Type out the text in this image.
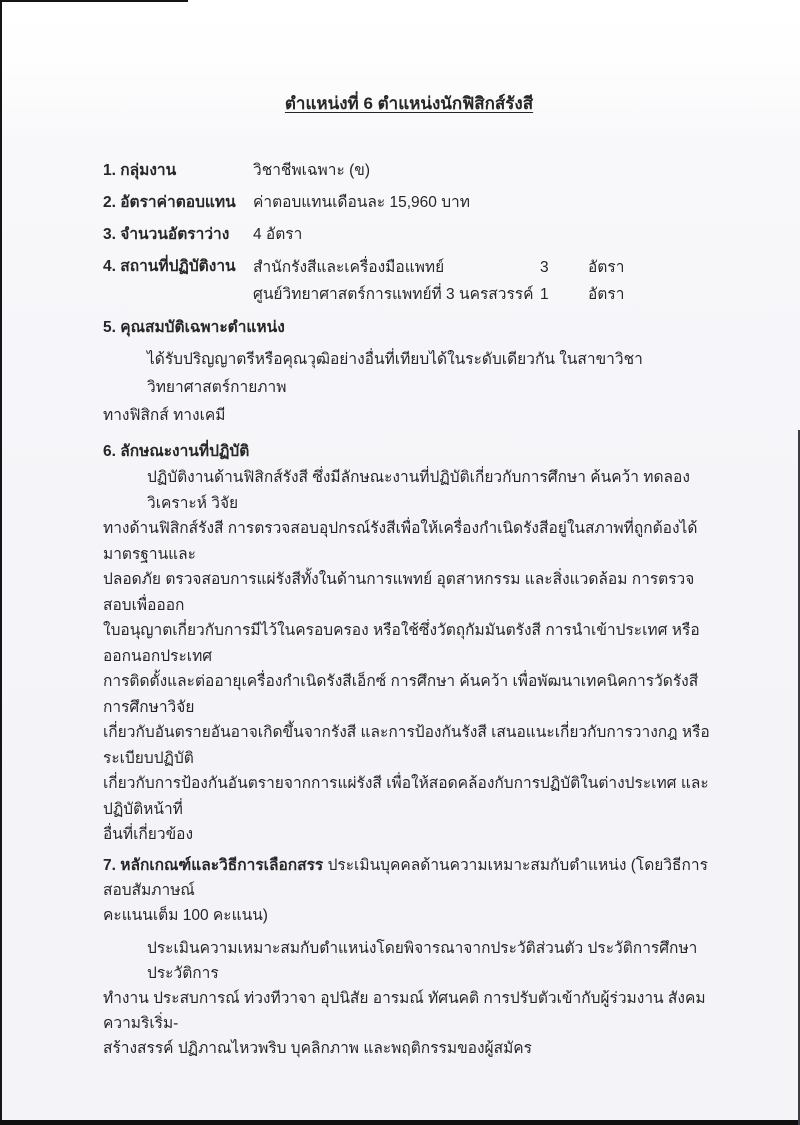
ตำแหน่งที่ 6 ตำแหน่งนักฟิสิกส์รังสี
1. กลุ่มงาน	วิชาชีพเฉพาะ (ข)
2. อัตราค่าตอบแทน	ค่าตอบแทนเดือนละ 15,960 บาท
3. จำนวนอัตราว่าง	4 อัตรา
4. สถานที่ปฏิบัติงาน	สำนักรังสีและเครื่องมือแพทย์	3	อัตรา
ศูนย์วิทยาศาสตร์การแพทย์ที่ 3 นครสวรรค์ 1	อัตรา
5. คุณสมบัติเฉพาะตำแหน่ง

ได้รับปริญญาตรีหรือคุณวุฒิอย่างอื่นที่เทียบได้ในระดับเดียวกัน ในสาขาวิชาวิทยาศาสตร์กายภาพ
ทางฟิสิกส์ ทางเคมี

6. ลักษณะงานที่ปฏิบัติ

ปฏิบัติงานด้านฟิสิกส์รังสี ซึ่งมีลักษณะงานที่ปฏิบัติเกี่ยวกับการศึกษา ค้นคว้า ทดลองวิเคราะห์ วิจัย
ทางด้านฟิสิกส์รังสี การตรวจสอบอุปกรณ์รังสีเพื่อให้เครื่องกำเนิดรังสีอยู่ในสภาพที่ถูกต้องได้มาตรฐานและ
ปลอดภัย ตรวจสอบการแผ่รังสีทั้งในด้านการแพทย์ อุตสาหกรรม และสิ่งแวดล้อม การตรวจสอบเพื่อออก
ใบอนุญาตเกี่ยวกับการมีไว้ในครอบครอง หรือใช้ซึ่งวัตถุกัมมันตรังสี การนำเข้าประเทศ หรือออกนอกประเทศ
การติดตั้งและต่ออายุเครื่องกำเนิดรังสีเอ็กซ์ การศึกษา ค้นคว้า เพื่อพัฒนาเทคนิคการวัดรังสี การศึกษาวิจัย
เกี่ยวกับอันตรายอันอาจเกิดขึ้นจากรังสี และการป้องกันรังสี เสนอแนะเกี่ยวกับการวางกฎ หรือระเบียบปฏิบัติ
เกี่ยวกับการป้องกันอันตรายจากการแผ่รังสี เพื่อให้สอดคล้องกับการปฏิบัติในต่างประเทศ และปฏิบัติหน้าที่
อื่นที่เกี่ยวข้อง

7. หลักเกณฑ์และวิธีการเลือกสรร ประเมินบุคคลด้านความเหมาะสมกับตำแหน่ง (โดยวิธีการสอบสัมภาษณ์
คะแนนเต็ม 100 คะแนน)

ประเมินความเหมาะสมกับตำแหน่งโดยพิจารณาจากประวัติส่วนตัว ประวัติการศึกษา ประวัติการ
ทำงาน ประสบการณ์ ท่วงทีวาจา อุปนิสัย อารมณ์ ทัศนคติ การปรับตัวเข้ากับผู้ร่วมงาน สังคม ความริเริ่ม-
สร้างสรรค์ ปฏิภาณไหวพริบ บุคลิกภาพ และพฤติกรรมของผู้สมัคร
